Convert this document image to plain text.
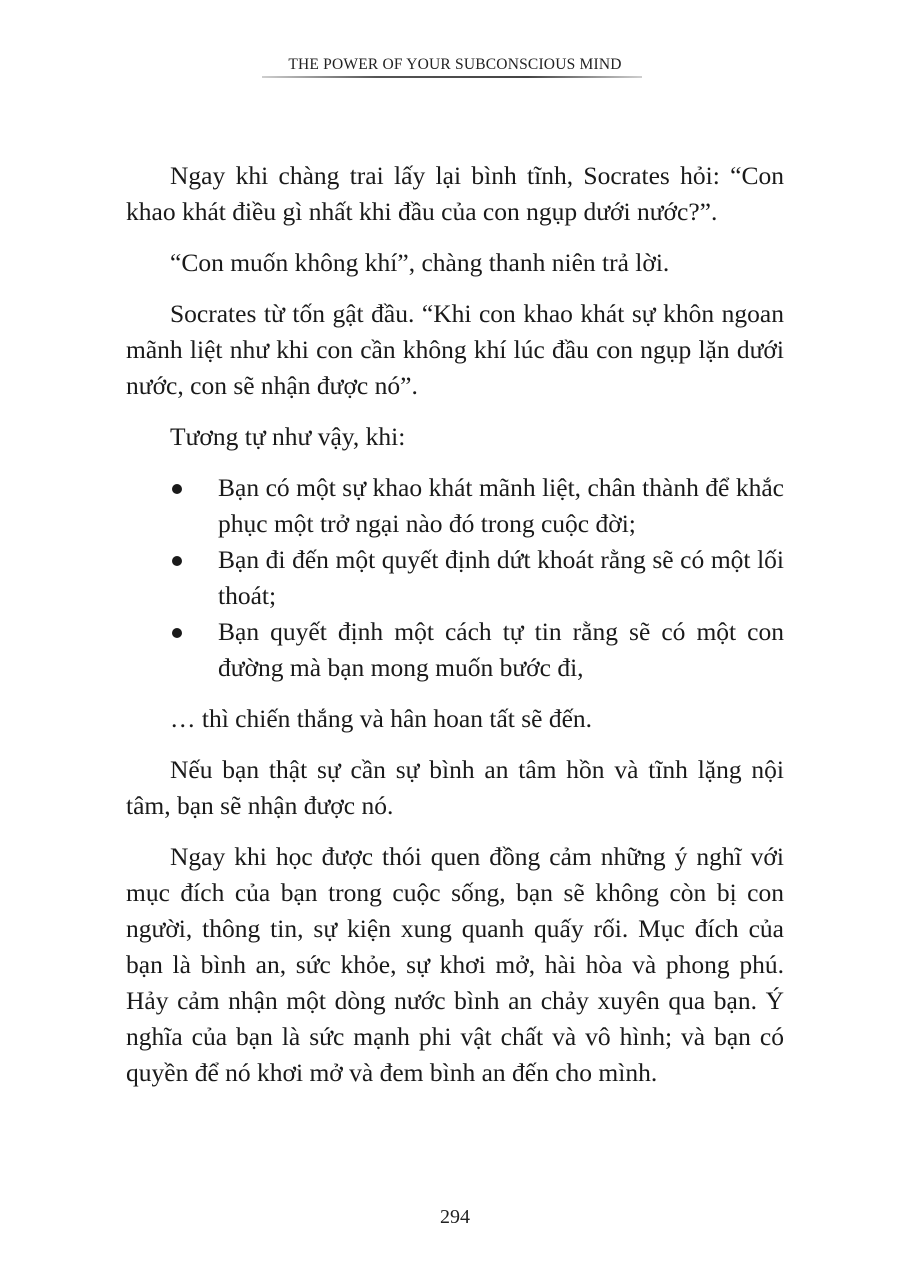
THE POWER OF YOUR SUBCONSCIOUS MIND

Ngay khi chàng trai lấy lại bình tĩnh, Socrates hỏi: “Con khao khát điều gì nhất khi đầu của con ngụp dưới nước?”.

“Con muốn không khí”, chàng thanh niên trả lời.

Socrates từ tốn gật đầu. “Khi con khao khát sự khôn ngoan mãnh liệt như khi con cần không khí lúc đầu con ngụp lặn dưới nước, con sẽ nhận được nó”.

Tương tự như vậy, khi:

Bạn có một sự khao khát mãnh liệt, chân thành để khắc phục một trở ngại nào đó trong cuộc đời;
Bạn đi đến một quyết định dứt khoát rằng sẽ có một lối thoát;
Bạn quyết định một cách tự tin rằng sẽ có một con đường mà bạn mong muốn bước đi,

… thì chiến thắng và hân hoan tất sẽ đến.

Nếu bạn thật sự cần sự bình an tâm hồn và tĩnh lặng nội tâm, bạn sẽ nhận được nó.

Ngay khi học được thói quen đồng cảm những ý nghĩ với mục đích của bạn trong cuộc sống, bạn sẽ không còn bị con người, thông tin, sự kiện xung quanh quấy rối. Mục đích của bạn là bình an, sức khỏe, sự khơi mở, hài hòa và phong phú. Hảy cảm nhận một dòng nước bình an chảy xuyên qua bạn. Ý nghĩa của bạn là sức mạnh phi vật chất và vô hình; và bạn có quyền để nó khơi mở và đem bình an đến cho mình.

294
